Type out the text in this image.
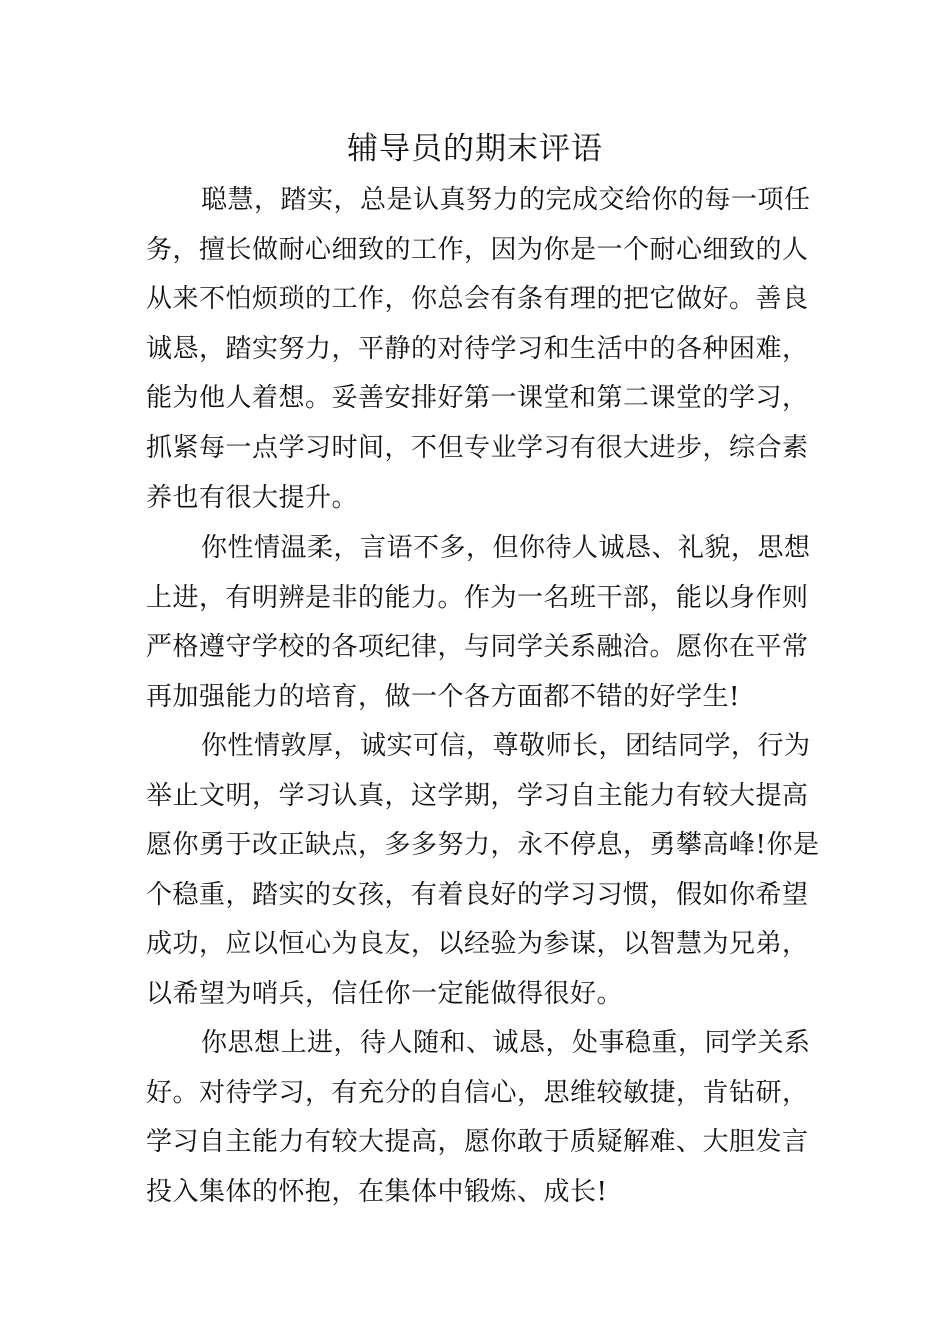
辅导员的期末评语

聪慧，踏实，总是认真努力的完成交给你的每一项任
务，擅长做耐心细致的工作，因为你是一个耐心细致的人
从来不怕烦琐的工作，你总会有条有理的把它做好。善良
诚恳，踏实努力，平静的对待学习和生活中的各种困难，
能为他人着想。妥善安排好第一课堂和第二课堂的学习，
抓紧每一点学习时间，不但专业学习有很大进步，综合素
养也有很大提升。

你性情温柔，言语不多，但你待人诚恳、礼貌，思想
上进，有明辨是非的能力。作为一名班干部，能以身作则
严格遵守学校的各项纪律，与同学关系融洽。愿你在平常
再加强能力的培育，做一个各方面都不错的好学生!

你性情敦厚，诚实可信，尊敬师长，团结同学，行为
举止文明，学习认真，这学期，学习自主能力有较大提高
愿你勇于改正缺点，多多努力，永不停息，勇攀高峰!你是
个稳重，踏实的女孩，有着良好的学习习惯，假如你希望
成功，应以恒心为良友，以经验为参谋，以智慧为兄弟，
以希望为哨兵，信任你一定能做得很好。

你思想上进，待人随和、诚恳，处事稳重，同学关系
好。对待学习，有充分的自信心，思维较敏捷，肯钻研，
学习自主能力有较大提高，愿你敢于质疑解难、大胆发言
投入集体的怀抱，在集体中锻炼、成长!
